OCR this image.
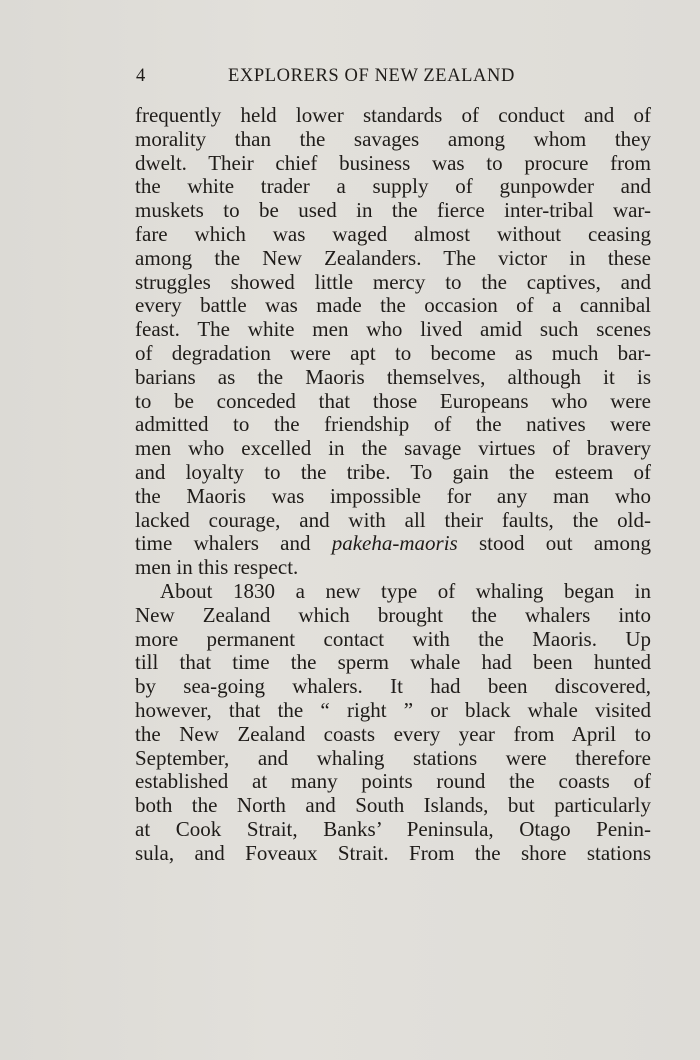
4	EXPLORERS OF NEW ZEALAND
frequently held lower standards of conduct and of
morality than the savages among whom they
dwelt. Their chief business was to procure from
the white trader a supply of gunpowder and
muskets to be used in the fierce inter-tribal war-
fare which was waged almost without ceasing
among the New Zealanders. The victor in these
struggles showed little mercy to the captives, and
every battle was made the occasion of a cannibal
feast. The white men who lived amid such scenes
of degradation were apt to become as much bar-
barians as the Maoris themselves, although it is
to be conceded that those Europeans who were
admitted to the friendship of the natives were
men who excelled in the savage virtues of bravery
and loyalty to the tribe. To gain the esteem of
the Maoris was impossible for any man who
lacked courage, and with all their faults, the old-
time whalers and pakeha-maoris stood out among
men in this respect.
About 1830 a new type of whaling began in
New Zealand which brought the whalers into
more permanent contact with the Maoris. Up
till that time the sperm whale had been hunted
by sea-going whalers. It had been discovered,
however, that the “ right ” or black whale visited
the New Zealand coasts every year from April to
September, and whaling stations were therefore
established at many points round the coasts of
both the North and South Islands, but particularly
at Cook Strait, Banks’ Peninsula, Otago Penin-
sula, and Foveaux Strait. From the shore stations
